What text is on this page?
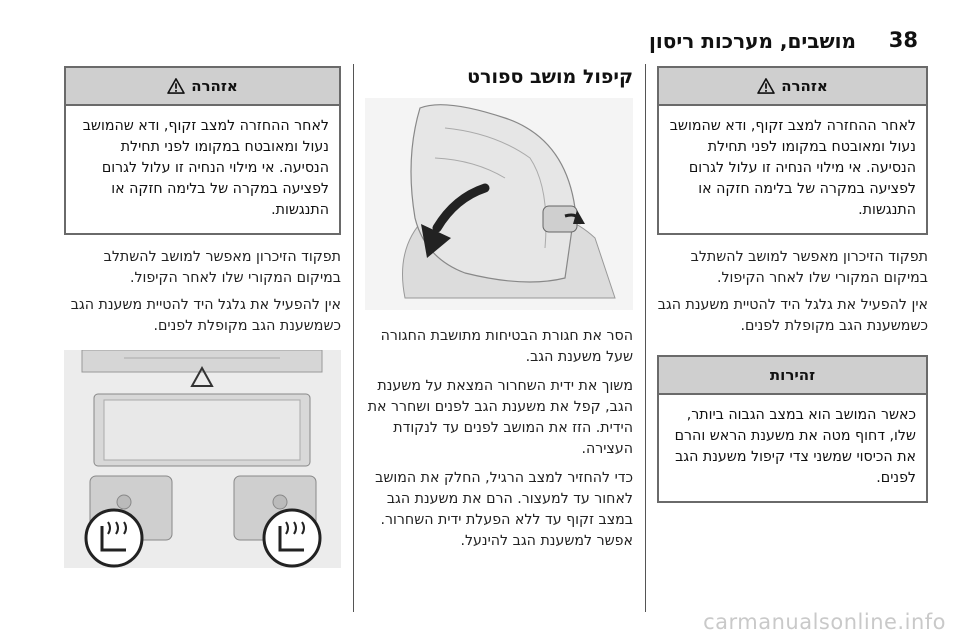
38
מושבים, מערכות ריסון
אזהרה
לאחר ההחזרה למצב זקוף, ודא שהמושב נעול ומאובטח במקומו לפני תחילת הנסיעה. אי מילוי הנחיה זו עלול לגרום לפציעה במקרה של בלימה חזקה או התנגשות.
תפקוד הזיכרון מאפשר למושב להשתלב במיקום המקורי שלו לאחר הקיפול.
אין להפעיל את גלגל היד להטיית משענת הגב כשמשענת הגב מקופלת לפנים.
זהירות
כאשר המושב הוא במצב הגבוה ביותר, שלו, דחוף מטה את משענת הראש והרם את הכיסוי שמשני צדי קיפול משענת הגב לפנים.
קיפול מושב ספורט
הסר את חגורת הבטיחות מתושבת החגורה שעל משענת הגב.
משוך את ידית השחרור המצאת על משענת הגב, קפל את משענת הגב לפנים ושחרר את הידית. הזז את המושב לפנים עד לנקודת העצירה.
כדי להחזיר למצב הרגיל, החלק את המושב לאחור עד למעצור. הרם את משענת הגב במצב זקוף עד ללא הפעלת ידית השחרור. אפשר למשענת הגב להינעל.
אזהרה
לאחר ההחזרה למצב זקוף, ודא שהמושב נעול ומאובטח במקומו לפני תחילת הנסיעה. אי מילוי הנחיה זו עלול לגרום לפציעה במקרה של בלימה חזקה או התנגשות.
תפקוד הזיכרון מאפשר למושב להשתלב במיקום המקורי שלו לאחר הקיפול.
אין להפעיל את גלגל היד להטיית משענת הגב כשמשענת הגב מקופלת לפנים.
carmanualsonline.info
